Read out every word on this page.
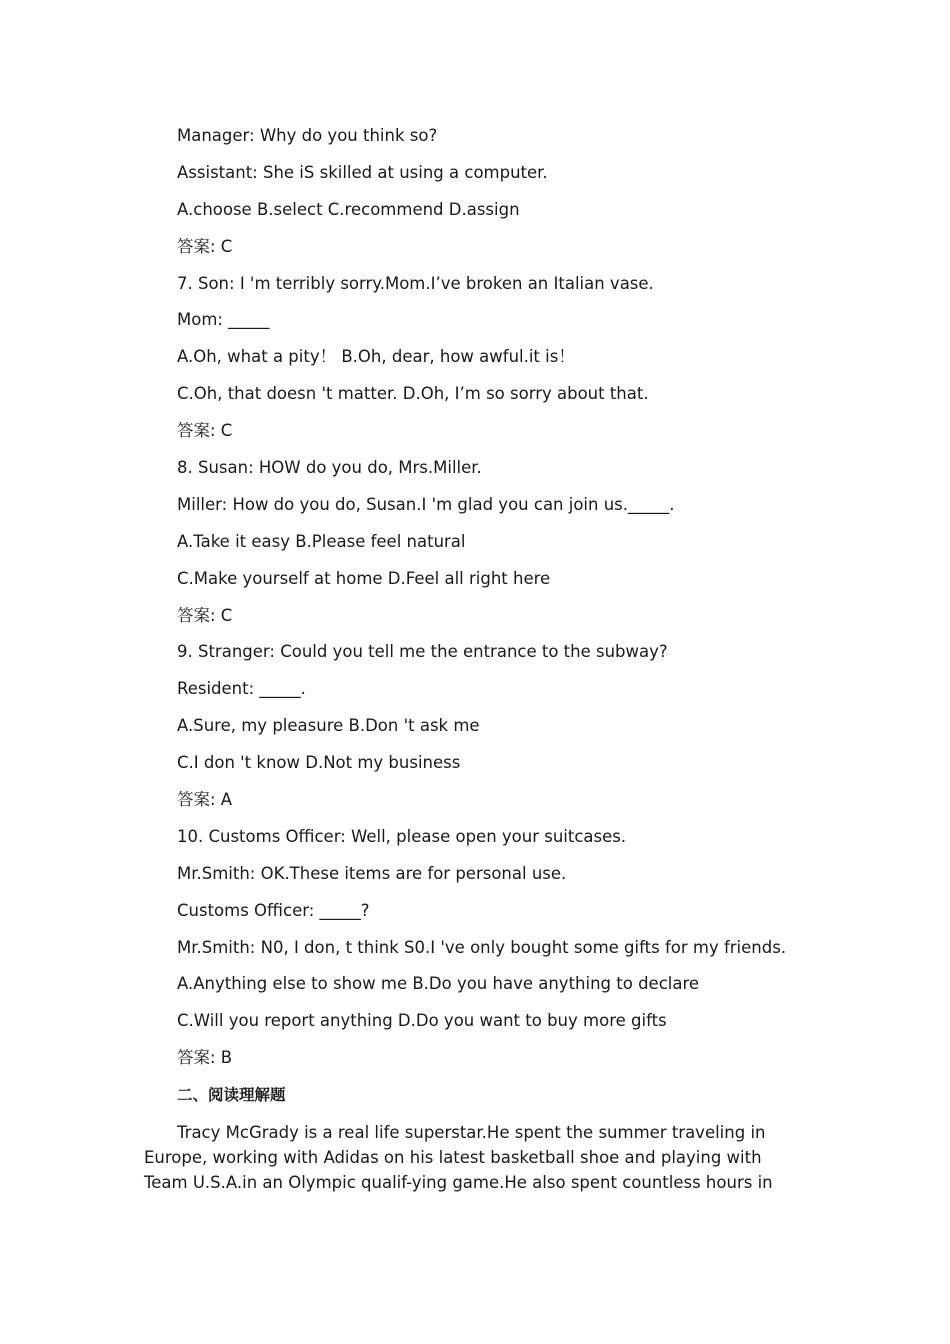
Manager: Why do you think so?
Assistant: She iS skilled at using a computer.
A.choose B.select C.recommend D.assign
答案: C
7. Son: I 'm terribly sorry.Mom.I’ve broken an Italian vase.
Mom: _____
A.Oh, what a pity！ B.Oh, dear, how awful.it is！
C.Oh, that doesn 't matter. D.Oh, I’m so sorry about that.
答案: C
8. Susan: HOW do you do, Mrs.Miller.
Miller: How do you do, Susan.I 'm glad you can join us._____.
A.Take it easy B.Please feel natural
C.Make yourself at home D.Feel all right here
答案: C
9. Stranger: Could you tell me the entrance to the subway?
Resident: _____.
A.Sure, my pleasure B.Don 't ask me
C.I don 't know D.Not my business
答案: A
10. Customs Officer: Well, please open your suitcases.
Mr.Smith: OK.These items are for personal use.
Customs Officer: _____?
Mr.Smith: N0, I don, t think S0.I 've only bought some gifts for my friends.
A.Anything else to show me B.Do you have anything to declare
C.Will you report anything D.Do you want to buy more gifts
答案: B
二、阅读理解题

Tracy McGrady is a real life superstar.He spent the summer traveling in Europe, working with Adidas on his latest basketball shoe and playing with Team U.S.A.in an Olympic qualif-ying game.He also spent countless hours in
